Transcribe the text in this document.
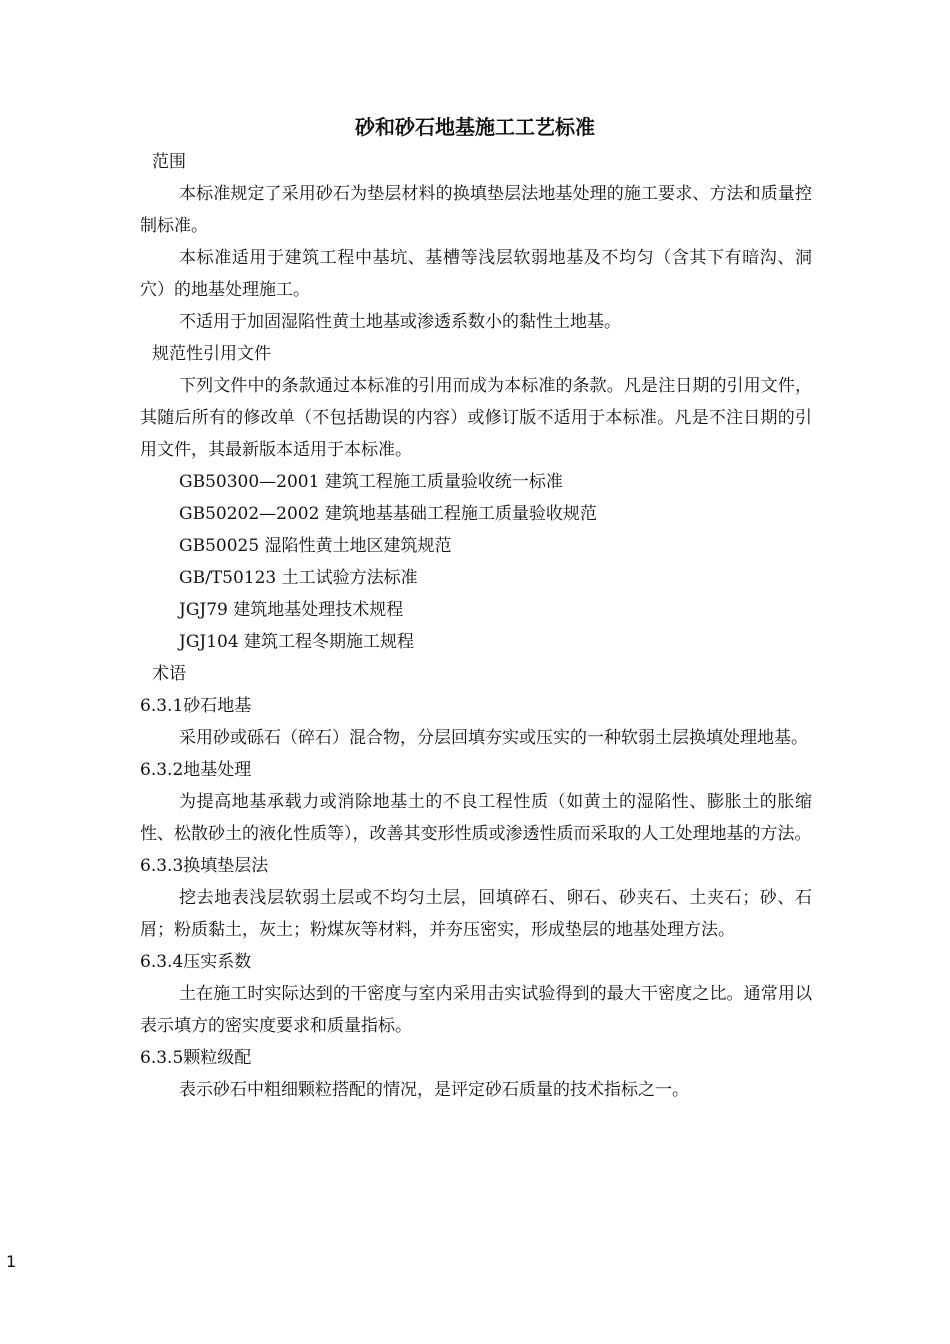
砂和砂石地基施工工艺标准

范围

本标准规定了采用砂石为垫层材料的换填垫层法地基处理的施工要求、方法和质量控制标准。

本标准适用于建筑工程中基坑、基槽等浅层软弱地基及不均匀（含其下有暗沟、洞穴）的地基处理施工。

不适用于加固湿陷性黄土地基或渗透系数小的黏性土地基。

规范性引用文件

下列文件中的条款通过本标准的引用而成为本标准的条款。凡是注日期的引用文件，其随后所有的修改单（不包括勘误的内容）或修订版不适用于本标准。凡是不注日期的引用文件，其最新版本适用于本标准。

GB50300—2001 建筑工程施工质量验收统一标准

GB50202—2002 建筑地基基础工程施工质量验收规范

GB50025 湿陷性黄土地区建筑规范

GB/T50123 土工试验方法标准

JGJ79 建筑地基处理技术规程

JGJ104 建筑工程冬期施工规程

术语

6.3.1砂石地基

采用砂或砾石（碎石）混合物，分层回填夯实或压实的一种软弱土层换填处理地基。

6.3.2地基处理

为提高地基承载力或消除地基土的不良工程性质（如黄土的湿陷性、膨胀土的胀缩性、松散砂土的液化性质等），改善其变形性质或渗透性质而采取的人工处理地基的方法。

6.3.3换填垫层法

挖去地表浅层软弱土层或不均匀土层，回填碎石、卵石、砂夹石、土夹石；砂、石屑；粉质黏土，灰土；粉煤灰等材料，并夯压密实，形成垫层的地基处理方法。

6.3.4压实系数

土在施工时实际达到的干密度与室内采用击实试验得到的最大干密度之比。通常用以表示填方的密实度要求和质量指标。

6.3.5颗粒级配

表示砂石中粗细颗粒搭配的情况，是评定砂石质量的技术指标之一。

1
